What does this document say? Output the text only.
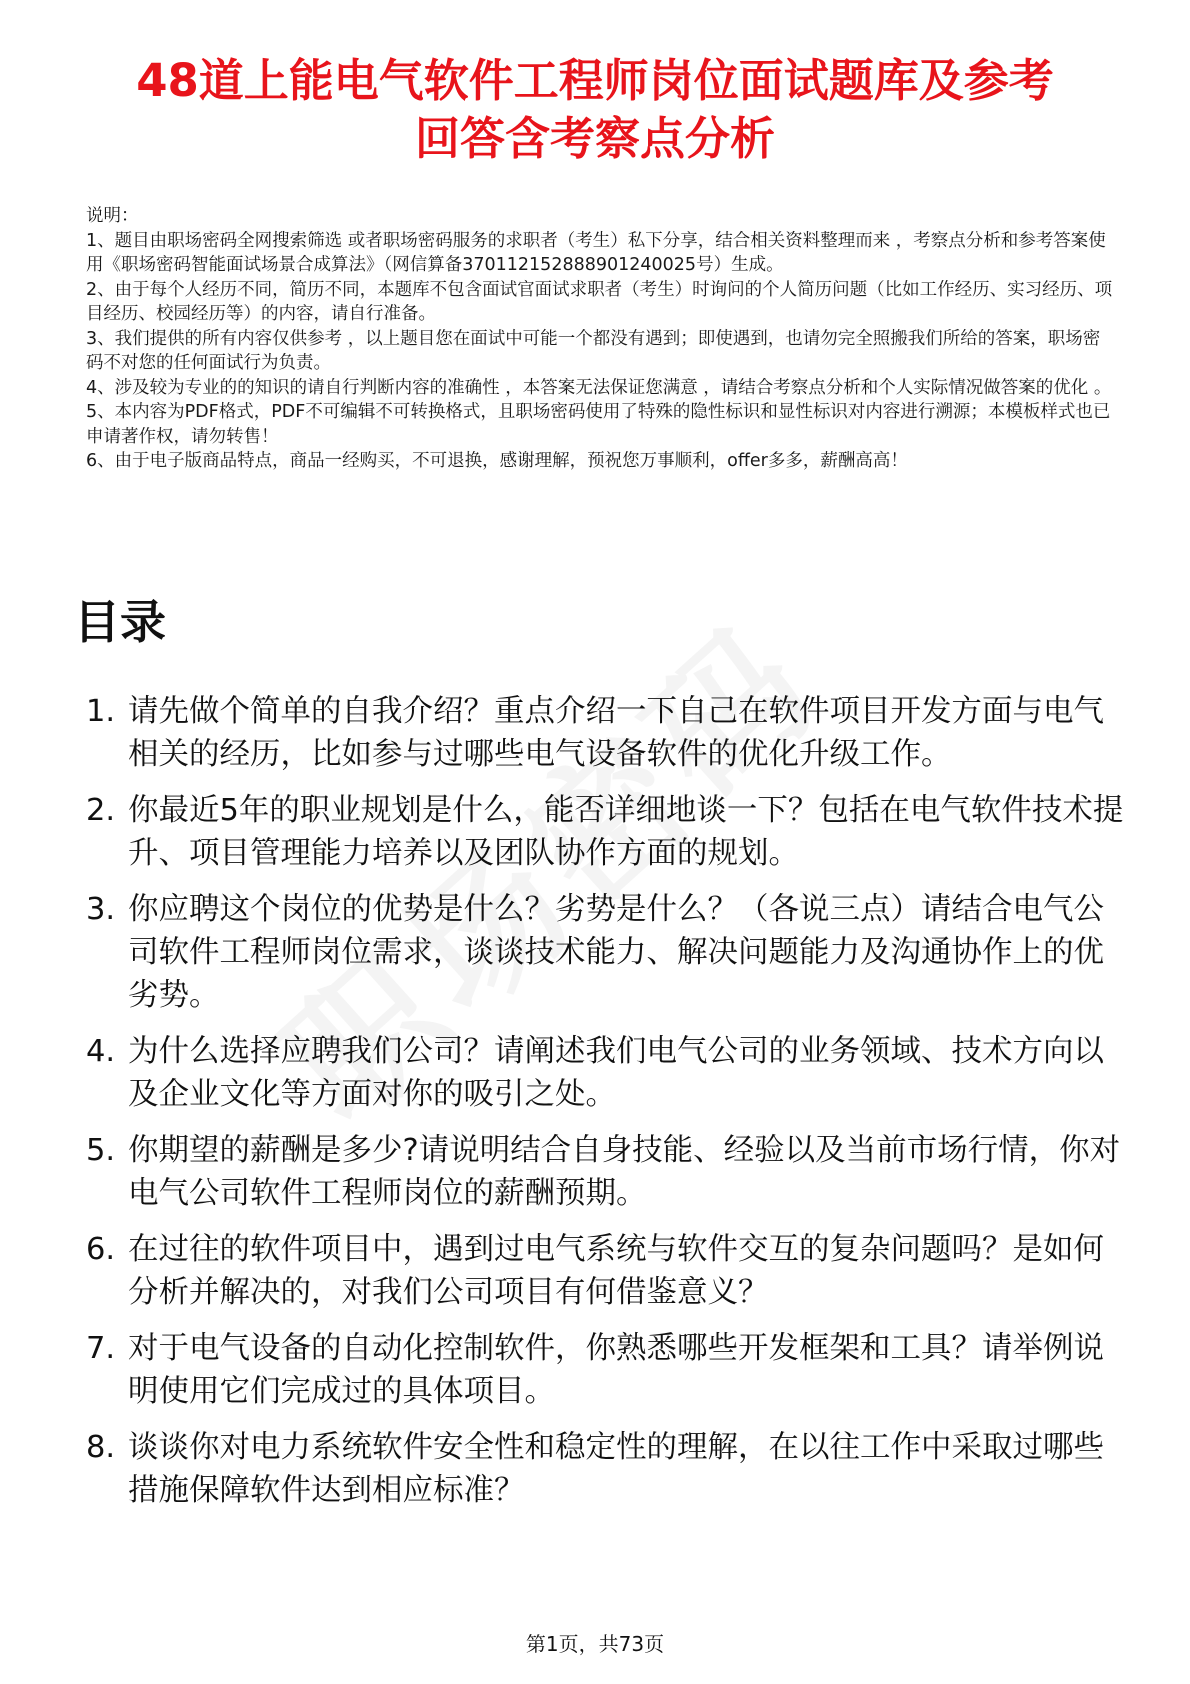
48道上能电气软件工程师岗位面试题库及参考
回答含考察点分析

说明：

1、题目由职场密码全网搜索筛选 或者职场密码服务的求职者（考生）私下分享，结合相关资料整理而来 ，考察点分析和参考答案使用《职场密码智能面试场景合成算法》（网信算备370112152888901240025号）生成。

2、由于每个人经历不同，简历不同，本题库不包含面试官面试求职者（考生）时询问的个人简历问题（比如工作经历、实习经历、项目经历、校园经历等）的内容，请自行准备。

3、我们提供的所有内容仅供参考 ，以上题目您在面试中可能一个都没有遇到；即使遇到，也请勿完全照搬我们所给的答案，职场密码不对您的任何面试行为负责。

4、涉及较为专业的的知识的请自行判断内容的准确性 ，本答案无法保证您满意 ，请结合考察点分析和个人实际情况做答案的优化 。

5、本内容为PDF格式，PDF不可编辑不可转换格式，且职场密码使用了特殊的隐性标识和显性标识对内容进行溯源；本模板样式也已申请著作权，请勿转售！

6、由于电子版商品特点，商品一经购买，不可退换，感谢理解，预祝您万事顺利，offer多多，薪酬高高！

目录
1. 请先做个简单的自我介绍？重点介绍一下自己在软件项目开发方面与电气相关的经历，比如参与过哪些电气设备软件的优化升级工作。
2. 你最近5年的职业规划是什么，能否详细地谈一下？包括在电气软件技术提升、项目管理能力培养以及团队协作方面的规划。
3. 你应聘这个岗位的优势是什么？劣势是什么？（各说三点）请结合电气公司软件工程师岗位需求，谈谈技术能力、解决问题能力及沟通协作上的优劣势。
4. 为什么选择应聘我们公司？请阐述我们电气公司的业务领域、技术方向以及企业文化等方面对你的吸引之处。
5. 你期望的薪酬是多少?请说明结合自身技能、经验以及当前市场行情，你对电气公司软件工程师岗位的薪酬预期。
6. 在过往的软件项目中，遇到过电气系统与软件交互的复杂问题吗？是如何分析并解决的，对我们公司项目有何借鉴意义？
7. 对于电气设备的自动化控制软件，你熟悉哪些开发框架和工具？请举例说明使用它们完成过的具体项目。
8. 谈谈你对电力系统软件安全性和稳定性的理解，在以往工作中采取过哪些措施保障软件达到相应标准？
第1页，共73页
